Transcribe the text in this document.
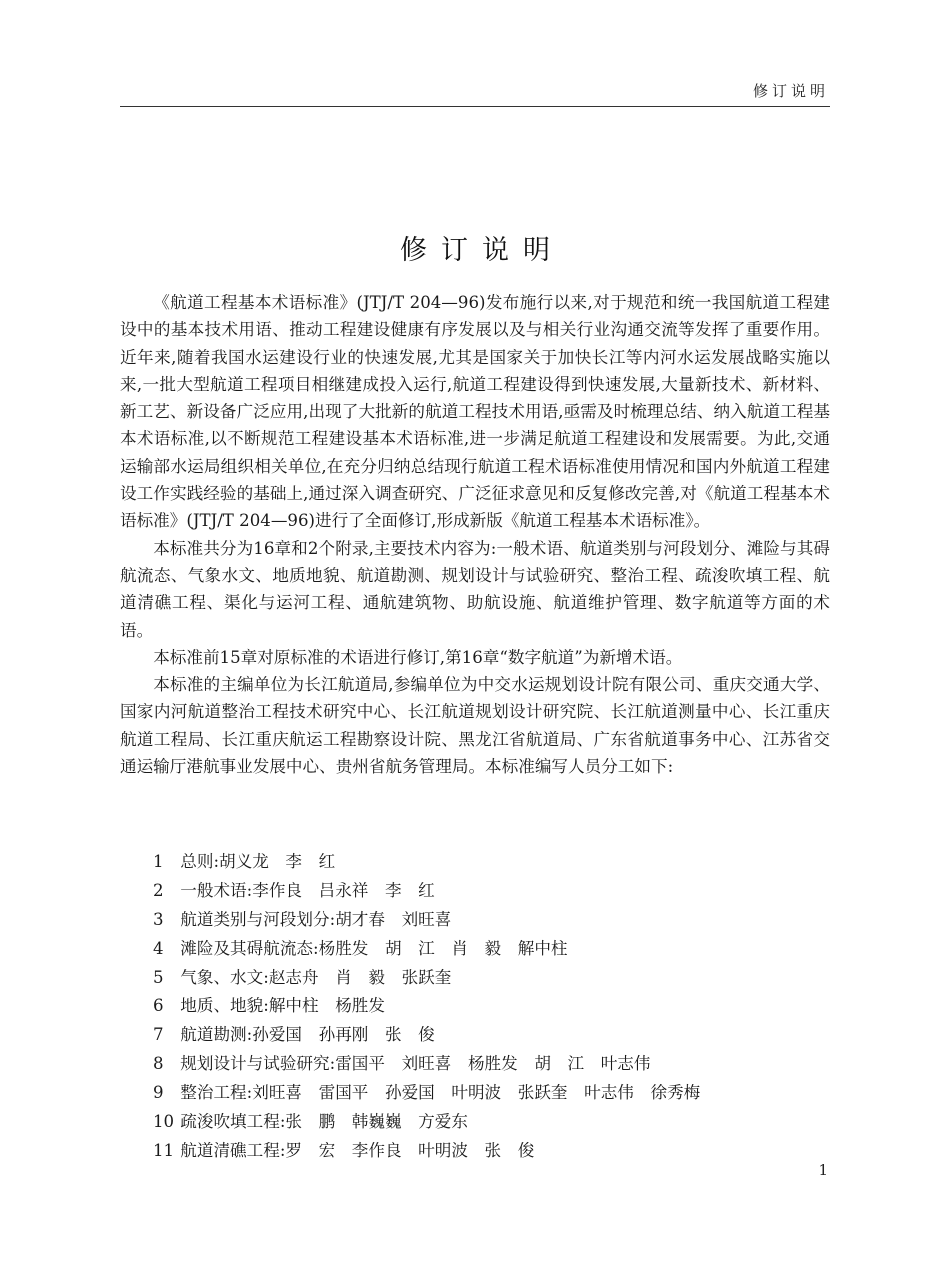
修订说明
修订说明

《航道工程基本术语标准》(JTJ/T 204—96)发布施行以来,对于规范和统一我国航道工程建设中的基本技术用语、推动工程建设健康有序发展以及与相关行业沟通交流等发挥了重要作用。近年来,随着我国水运建设行业的快速发展,尤其是国家关于加快长江等内河水运发展战略实施以来,一批大型航道工程项目相继建成投入运行,航道工程建设得到快速发展,大量新技术、新材料、新工艺、新设备广泛应用,出现了大批新的航道工程技术用语,亟需及时梳理总结、纳入航道工程基本术语标准,以不断规范工程建设基本术语标准,进一步满足航道工程建设和发展需要。为此,交通运输部水运局组织相关单位,在充分归纳总结现行航道工程术语标准使用情况和国内外航道工程建设工作实践经验的基础上,通过深入调查研究、广泛征求意见和反复修改完善,对《航道工程基本术语标准》(JTJ/T 204—96)进行了全面修订,形成新版《航道工程基本术语标准》。

本标准共分为16章和2个附录,主要技术内容为:一般术语、航道类别与河段划分、滩险与其碍航流态、气象水文、地质地貌、航道勘测、规划设计与试验研究、整治工程、疏浚吹填工程、航道清礁工程、渠化与运河工程、通航建筑物、助航设施、航道维护管理、数字航道等方面的术语。

本标准前15章对原标准的术语进行修订,第16章“数字航道”为新增术语。

本标准的主编单位为长江航道局,参编单位为中交水运规划设计院有限公司、重庆交通大学、国家内河航道整治工程技术研究中心、长江航道规划设计研究院、长江航道测量中心、长江重庆航道工程局、长江重庆航运工程勘察设计院、黑龙江省航道局、广东省航道事务中心、江苏省交通运输厅港航事业发展中心、贵州省航务管理局。本标准编写人员分工如下:

1 总则:胡义龙　李　红
2 一般术语:李作良　吕永祥　李　红
3 航道类别与河段划分:胡才春　刘旺喜
4 滩险及其碍航流态:杨胜发　胡　江　肖　毅　解中柱
5 气象、水文:赵志舟　肖　毅　张跃奎
6 地质、地貌:解中柱　杨胜发
7 航道勘测:孙爱国　孙再刚　张　俊
8 规划设计与试验研究:雷国平　刘旺喜　杨胜发　胡　江　叶志伟
9 整治工程:刘旺喜　雷国平　孙爱国　叶明波　张跃奎　叶志伟　徐秀梅
10 疏浚吹填工程:张　鹏　韩巍巍　方爱东
11 航道清礁工程:罗　宏　李作良　叶明波　张　俊
1
